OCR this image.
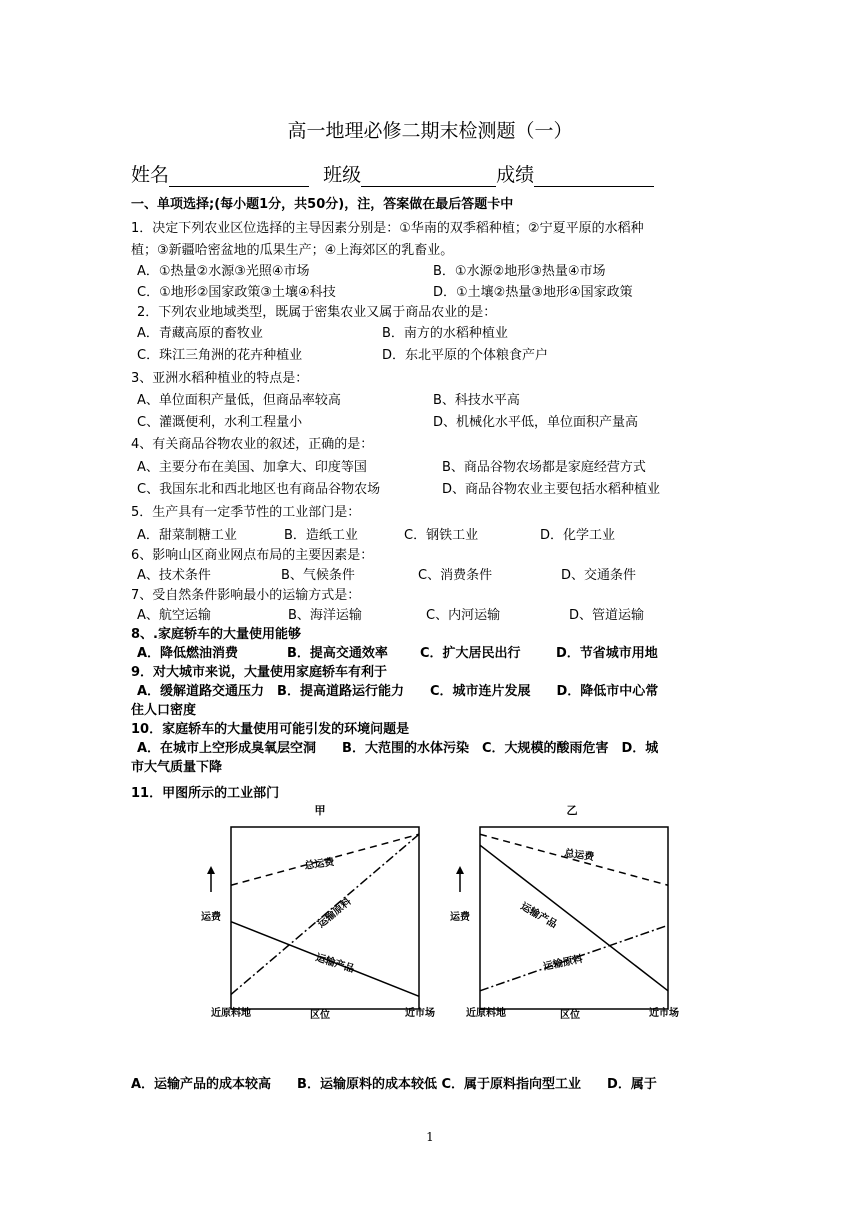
高一地理必修二期末检测题（一）
姓名	班级	成绩
一、单项选择;(每小题1分，共50分)，注，答案做在最后答题卡中
1．决定下列农业区位选择的主导因素分别是：①华南的双季稻种植；②宁夏平原的水稻种
植；③新疆哈密盆地的瓜果生产；④上海郊区的乳畜业。
A．①热量②水源③光照④市场	B．①水源②地形③热量④市场
C．①地形②国家政策③土壤④科技	D．①土壤②热量③地形④国家政策
2．下列农业地域类型，既属于密集农业又属于商品农业的是：
A．青藏高原的畜牧业	B．南方的水稻种植业
C．珠江三角洲的花卉种植业	D．东北平原的个体粮食产户
3、亚洲水稻种植业的特点是：
A、单位面积产量低，但商品率较高	B、科技水平高
C、灌溉便利，水利工程量小	D、机械化水平低，单位面积产量高
4、有关商品谷物农业的叙述，正确的是：
A、主要分布在美国、加拿大、印度等国	B、商品谷物农场都是家庭经营方式
C、我国东北和西北地区也有商品谷物农场	D、商品谷物农业主要包括水稻种植业
5．生产具有一定季节性的工业部门是：
A．甜菜制糖工业	B．造纸工业	C．钢铁工业	D．化学工业
6、影响山区商业网点布局的主要因素是：
A、技术条件	B、气候条件	C、消费条件	D、交通条件
7、受自然条件影响最小的运输方式是：
A、航空运输	B、海洋运输	C、内河运输	D、管道运输
8、.家庭轿车的大量使用能够
A．降低燃油消费	B．提高交通效率 C．扩大居民出行	D．节省城市用地
9．对大城市来说，大量使用家庭轿车有利于
A．缓解道路交通压力　B．提高道路运行能力　　C．城市连片发展　　D．降低市中心常
住人口密度
10．家庭轿车的大量使用可能引发的环境问题是
A．在城市上空形成臭氧层空洞　　B．大范围的水体污染　C．大规模的酸雨危害　D．城
市大气质量下降
11．甲图所示的工业部门
甲
运费
近原料地	区位	近市场
总运费
运输原料
运输产品
乙
运费
近原料地	区位	近市场
总运费
运输产品
运输原料
A．运输产品的成本较高　　B．运输原料的成本较低 C．属于原料指向型工业　　D．属于
1
